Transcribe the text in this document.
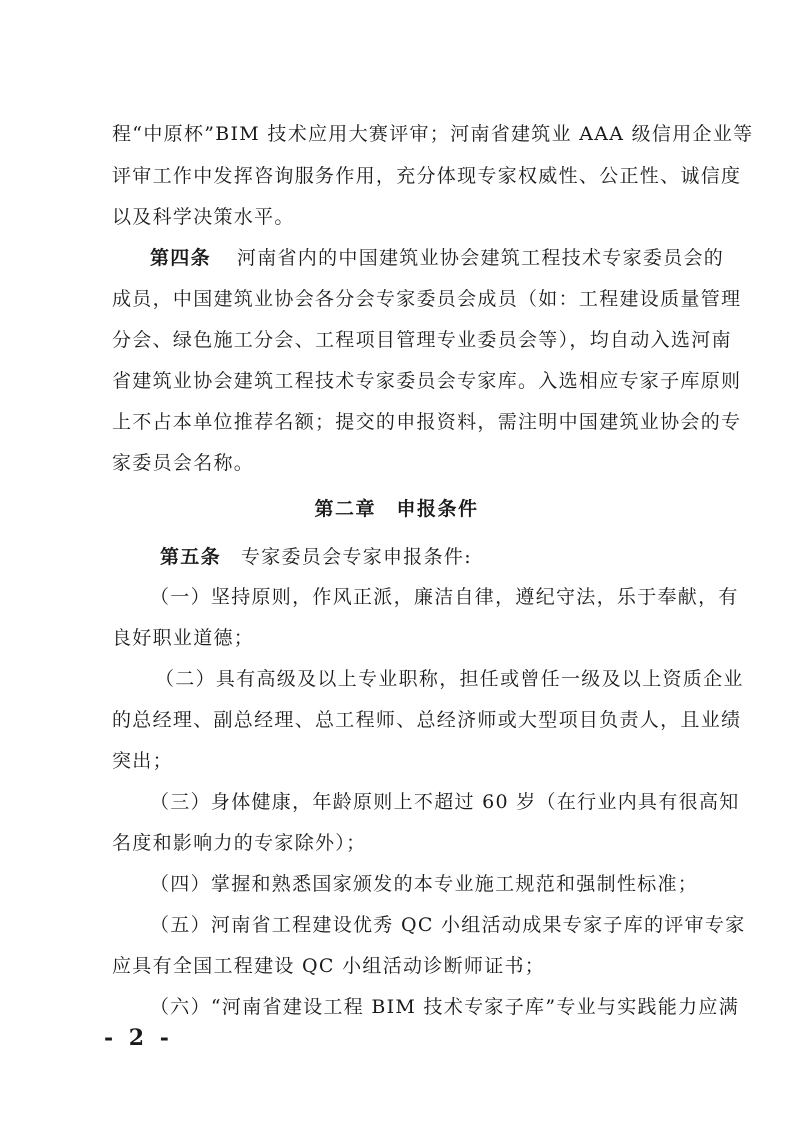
程“中原杯”BIM 技术应用大赛评审；河南省建筑业 AAA 级信用企业等
评审工作中发挥咨询服务作用，充分体现专家权威性、公正性、诚信度
以及科学决策水平。
第四条 河南省内的中国建筑业协会建筑工程技术专家委员会的
成员，中国建筑业协会各分会专家委员会成员（如：工程建设质量管理
分会、绿色施工分会、工程项目管理专业委员会等），均自动入选河南
省建筑业协会建筑工程技术专家委员会专家库。入选相应专家子库原则
上不占本单位推荐名额；提交的申报资料，需注明中国建筑业协会的专
家委员会名称。
第二章　申报条件
第五条 专家委员会专家申报条件:
（一）坚持原则，作风正派，廉洁自律，遵纪守法，乐于奉献，有
良好职业道德；
（二）具有高级及以上专业职称，担任或曾任一级及以上资质企业
的总经理、副总经理、总工程师、总经济师或大型项目负责人，且业绩
突出；
（三）身体健康，年龄原则上不超过 60 岁（在行业内具有很高知
名度和影响力的专家除外）；
（四）掌握和熟悉国家颁发的本专业施工规范和强制性标准；
（五）河南省工程建设优秀 QC 小组活动成果专家子库的评审专家
应具有全国工程建设 QC 小组活动诊断师证书；
（六）“河南省建设工程 BIM 技术专家子库”专业与实践能力应满
- 2 -
